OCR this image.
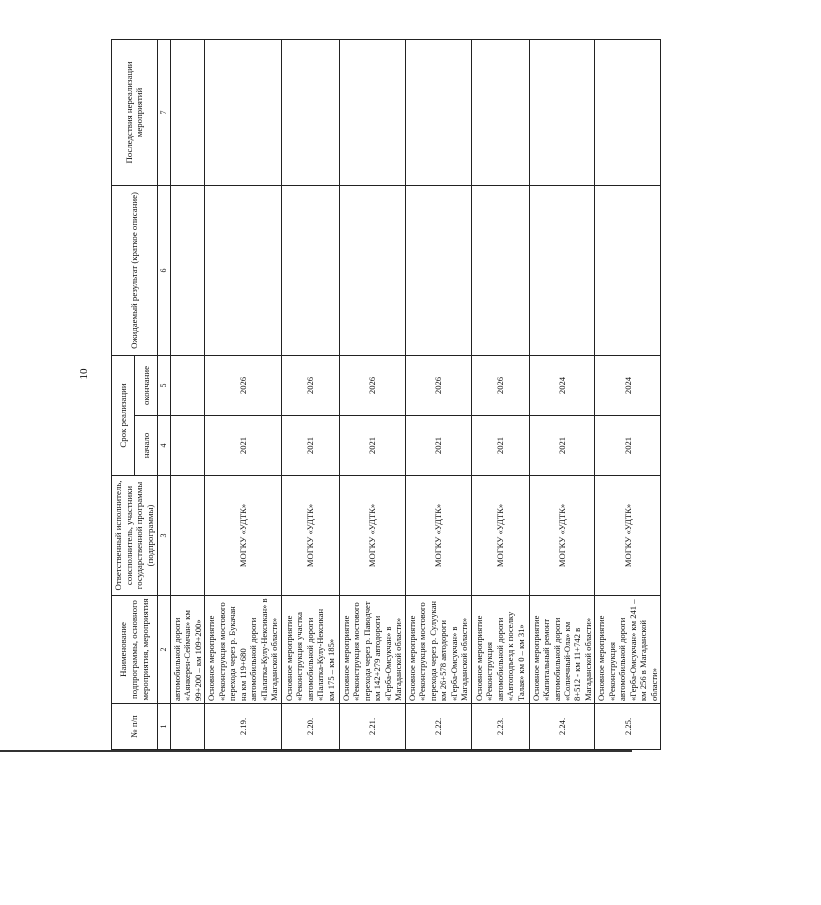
10
№ п/п	Наименование подпрограммы, основного мероприятия, мероприятия	Ответственный исполнитель, соисполнитель, участники государственной программы (подпрограммы)	Срок реализации		Ожидаемый результат (краткое описание)	Последствия нереализации мероприятий
			начало	окончание		
1	2	3	4	5	6	7
	автомобильной дороги «Аянкерен-Сеймчан» км 99+200 – км 109+200»					
2.19.	Основное мероприятие «Реконструкция мостового перехода через р. Бyкачан на км 119+680 автомобильной дороги «Палатка-Кулу-Нексикан» в Магаданской области»	МОГКУ «УДТК»	2021	2026		
2.20.	Основное мероприятие «Реконструкция участка автомобильной дороги «Палатка-Кулу-Нексикан км 175 – км 185»	МОГКУ «УДТК»	2021	2026		
2.21.	Основное мероприятие «Реконструкция мостового перехода через р. Паводчет км 142+279 автодороги «Герба-Омсукчан» в Магаданской области»	МОГКУ «УДТК»	2021	2026		
2.22.	Основное мероприятие «Реконструкция мостового перехода через р. Сулуукан км 26+578 автодороги «Герба-Омсукчан» в Магаданской области»	МОГКУ «УДТК»	2021	2026		
2.23.	Основное мероприятие «Реконструкция автомобильной дороги «Автоподъезд к поселку Талая» км 0 – км 31»	МОГКУ «УДТК»	2021	2026		
2.24.	Основное мероприятие «Капитальный ремонт автомобильной дороги «Солнечный-Ола» км 8+512 - км 11+742 в Магаданской области»	МОГКУ «УДТК»	2021	2024		
2.25.	Основное мероприятие «Реконструкция автомобильной дороги «Герба-Омсукчан» км 241 – км 256 в Магаданской области»	МОГКУ «УДТК»	2021	2024		
